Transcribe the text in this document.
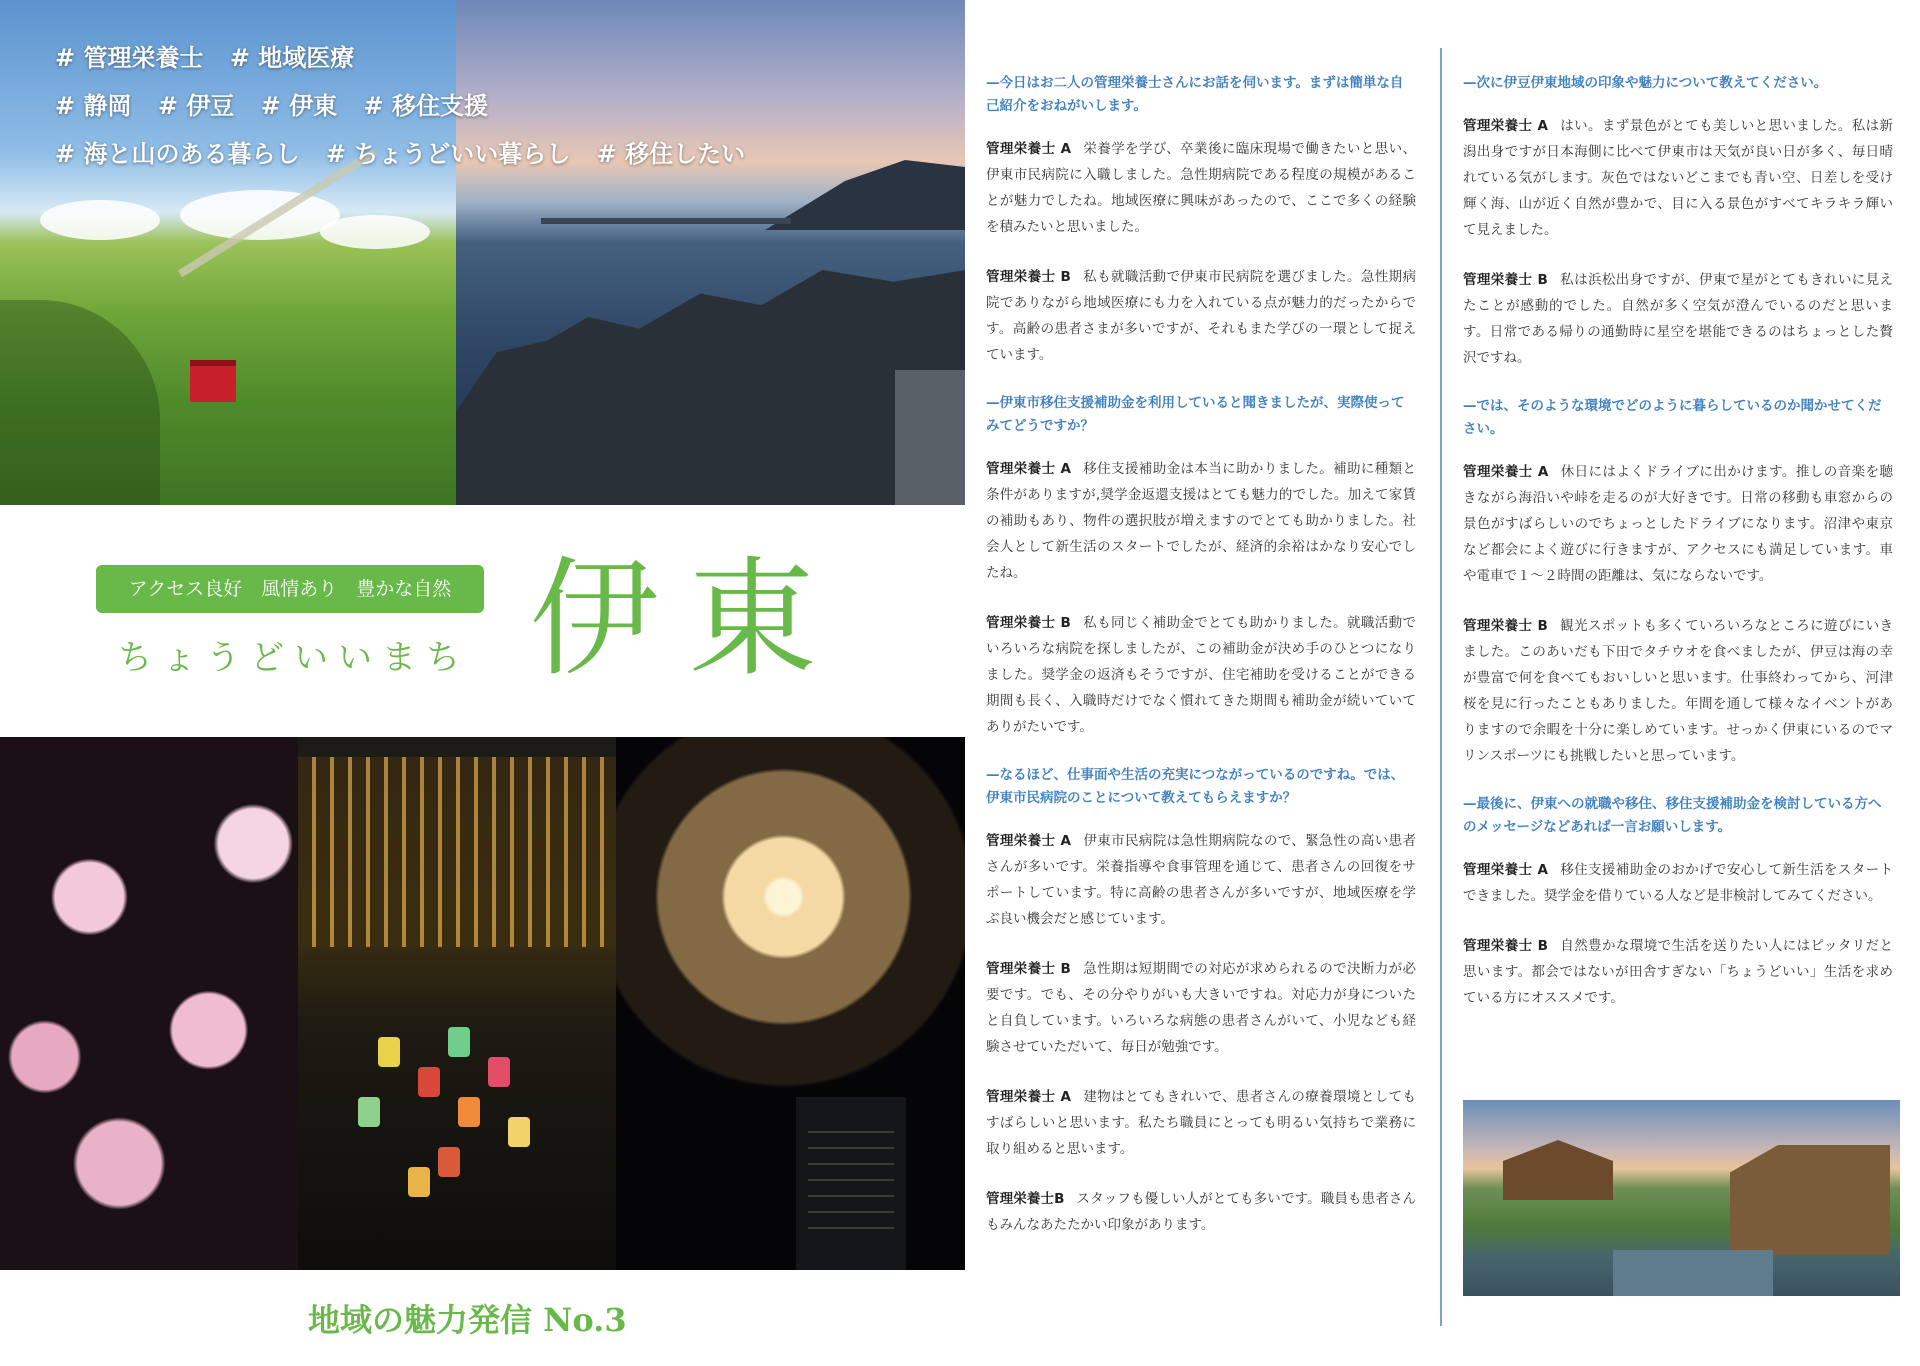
# 管理栄養士 # 地域医療
# 静岡 # 伊豆 # 伊東 # 移住支援
# 海と山のある暮らし # ちょうどいい暮らし # 移住したい
アクセス良好　風情あり　豊かな自然
ちょうどいいまち 伊東
地域の魅力発信 No.3

—今日はお二人の管理栄養士さんにお話を伺います。まずは簡単な自己紹介をおねがいします。

管理栄養士 A 栄養学を学び、卒業後に臨床現場で働きたいと思い、伊東市民病院に入職しました。急性期病院である程度の規模があることが魅力でしたね。地域医療に興味があったので、ここで多くの経験を積みたいと思いました。

管理栄養士 B 私も就職活動で伊東市民病院を選びました。急性期病院でありながら地域医療にも力を入れている点が魅力的だったからです。高齢の患者さまが多いですが、それもまた学びの一環として捉えています。

—伊東市移住支援補助金を利用していると聞きましたが、実際使ってみてどうですか？

管理栄養士 A 移住支援補助金は本当に助かりました。補助に種類と条件がありますが,奨学金返還支援はとても魅力的でした。加えて家賃の補助もあり、物件の選択肢が増えますのでとても助かりました。社会人として新生活のスタートでしたが、経済的余裕はかなり安心でしたね。

管理栄養士 B 私も同じく補助金でとても助かりました。就職活動でいろいろな病院を探しましたが、この補助金が決め手のひとつになりました。奨学金の返済もそうですが、住宅補助を受けることができる期間も長く、入職時だけでなく慣れてきた期間も補助金が続いていてありがたいです。

—なるほど、仕事面や生活の充実につながっているのですね。では、伊東市民病院のことについて教えてもらえますか？

管理栄養士 A 伊東市民病院は急性期病院なので、緊急性の高い患者さんが多いです。栄養指導や食事管理を通じて、患者さんの回復をサポートしています。特に高齢の患者さんが多いですが、地域医療を学ぶ良い機会だと感じています。

管理栄養士 B 急性期は短期間での対応が求められるので決断力が必要です。でも、その分やりがいも大きいですね。対応力が身についたと自負しています。いろいろな病態の患者さんがいて、小児なども経験させていただいて、毎日が勉強です。

管理栄養士 A 建物はとてもきれいで、患者さんの療養環境としてもすばらしいと思います。私たち職員にとっても明るい気持ちで業務に取り組めると思います。

管理栄養士B スタッフも優しい人がとても多いです。職員も患者さんもみんなあたたかい印象があります。

—次に伊豆伊東地域の印象や魅力について教えてください。

管理栄養士 A はい。まず景色がとても美しいと思いました。私は新潟出身ですが日本海側に比べて伊東市は天気が良い日が多く、毎日晴れている気がします。灰色ではないどこまでも青い空、日差しを受け輝く海、山が近く自然が豊かで、目に入る景色がすべてキラキラ輝いて見えました。

管理栄養士 B 私は浜松出身ですが、伊東で星がとてもきれいに見えたことが感動的でした。自然が多く空気が澄んでいるのだと思います。日常である帰りの通勤時に星空を堪能できるのはちょっとした贅沢ですね。

—では、そのような環境でどのように暮らしているのか聞かせてください。

管理栄養士 A 休日にはよくドライブに出かけます。推しの音楽を聴きながら海沿いや峠を走るのが大好きです。日常の移動も車窓からの景色がすばらしいのでちょっとしたドライブになります。沼津や東京など都会によく遊びに行きますが、アクセスにも満足しています。車や電車で１～２時間の距離は、気にならないです。

管理栄養士 B 観光スポットも多くていろいろなところに遊びにいきました。このあいだも下田でタチウオを食べましたが、伊豆は海の幸が豊富で何を食べてもおいしいと思います。仕事終わってから、河津桜を見に行ったこともありました。年間を通して様々なイベントがありますので余暇を十分に楽しめています。せっかく伊東にいるのでマリンスポーツにも挑戦したいと思っています。

—最後に、伊東への就職や移住、移住支援補助金を検討している方へのメッセージなどあれば一言お願いします。

管理栄養士 A 移住支援補助金のおかげで安心して新生活をスタートできました。奨学金を借りている人など是非検討してみてください。

管理栄養士 B 自然豊かな環境で生活を送りたい人にはピッタリだと思います。都会ではないが田舎すぎない「ちょうどいい」生活を求めている方にオススメです。
